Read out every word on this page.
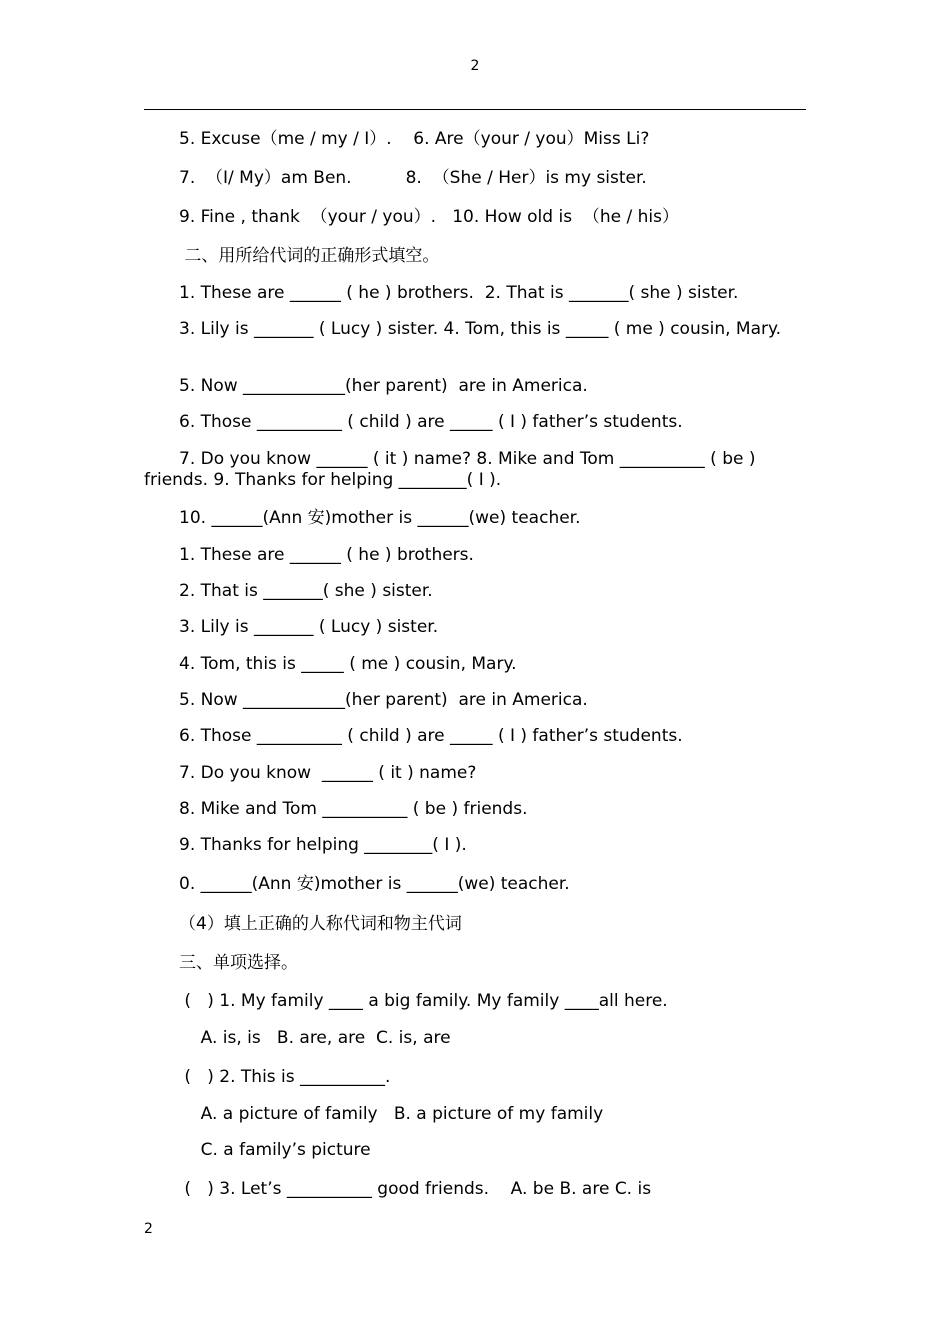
2

5. Excuse（me / my / I）.    6. Are（your / you）Miss Li?

7.  （I/ My）am Ben.          8.  （She / Her）is my sister.

9. Fine , thank  （your / you）.   10. How old is  （he / his）

二、用所给代词的正确形式填空。

1. These are ______ ( he ) brothers.  2. That is _______( she ) sister.

3. Lily is _______ ( Lucy ) sister. 4. Tom, this is _____ ( me ) cousin, Mary.

5. Now ____________(her parent)  are in America.

6. Those __________ ( child ) are _____ ( I ) father’s students.

7. Do you know ______ ( it ) name? 8. Mike and Tom __________ ( be ) friends. 9. Thanks for helping ________( I ).

10. ______(Ann 安)mother is ______(we) teacher.

1. These are ______ ( he ) brothers.

2. That is _______( she ) sister.

3. Lily is _______ ( Lucy ) sister.

4. Tom, this is _____ ( me ) cousin, Mary.

5. Now ____________(her parent)  are in America.

6. Those __________ ( child ) are _____ ( I ) father’s students.

7. Do you know  ______ ( it ) name?

8. Mike and Tom __________ ( be ) friends.

9. Thanks for helping ________( I ).

0. ______(Ann 安)mother is ______(we) teacher.

（4）填上正确的人称代词和物主代词

三、单项选择。

(   ) 1. My family ____ a big family. My family ____all here.

A. is, is   B. are, are  C. is, are

(   ) 2. This is __________.

A. a picture of family   B. a picture of my family

C. a family’s picture

(   ) 3. Let’s __________ good friends.    A. be B. are C. is

2
